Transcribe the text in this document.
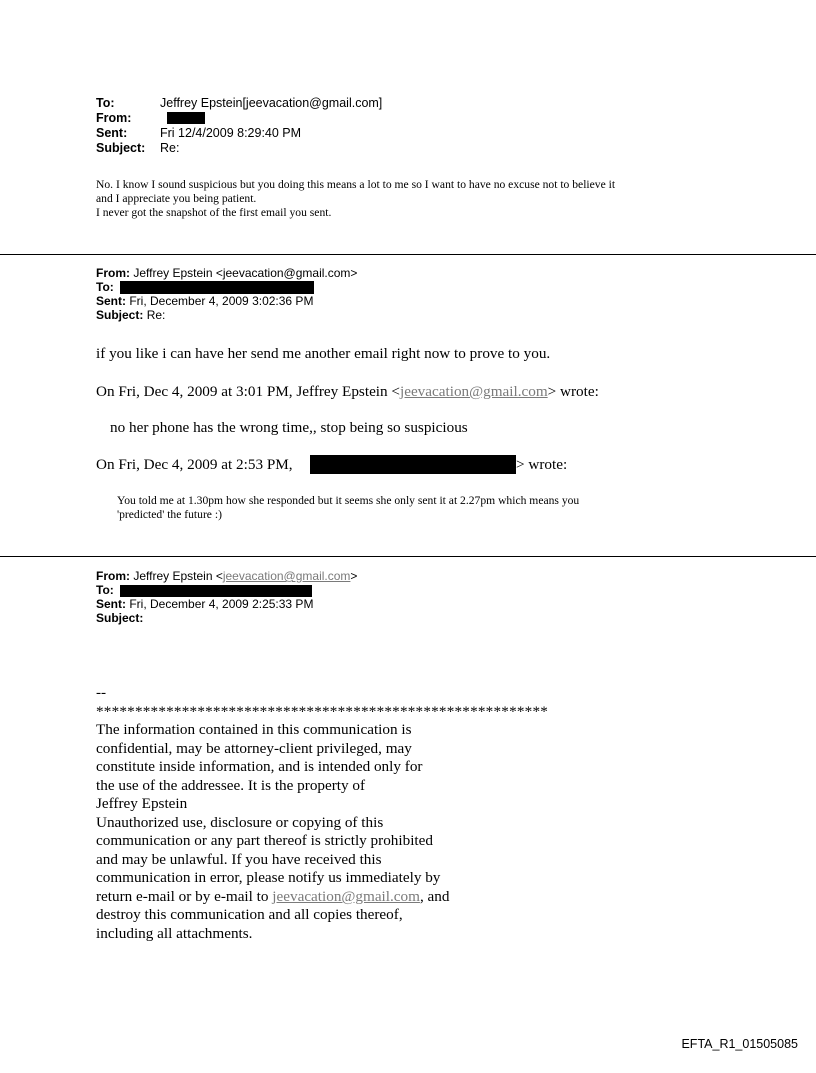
To:	Jeffrey Epstein[jeevacation@gmail.com]
From:
Sent:	Fri 12/4/2009 8:29:40 PM
Subject: Re:
No. I know I sound suspicious but you doing this means a lot to me so I want to have no excuse not to believe it
and I appreciate you being patient.
I never got the snapshot of the first email you sent.
From: Jeffrey Epstein <jeevacation@gmail.com>
To:
Sent: Fri, December 4, 2009 3:02:36 PM
Subject: Re:
if you like i can have her send me another email right now to prove to you.
On Fri, Dec 4, 2009 at 3:01 PM, Jeffrey Epstein <jeevacation@gmail.com> wrote:
no her phone has the wrong time,, stop being so suspicious
On Fri, Dec 4, 2009 at 2:53 PM,	> wrote:
You told me at 1.30pm how she responded but it seems she only sent it at 2.27pm which means you
'predicted' the future :)
From: Jeffrey Epstein <jeevacation@gmail.com>
To:
Sent: Fri, December 4, 2009 2:25:33 PM
Subject:
--
**********************************************************
The information contained in this communication is
confidential, may be attorney-client privileged, may
constitute inside information, and is intended only for
the use of the addressee. It is the property of
Jeffrey Epstein
Unauthorized use, disclosure or copying of this
communication or any part thereof is strictly prohibited
and may be unlawful. If you have received this
communication in error, please notify us immediately by
return e-mail or by e-mail to jeevacation@gmail.com, and
destroy this communication and all copies thereof,
including all attachments.
EFTA_R1_01505085
